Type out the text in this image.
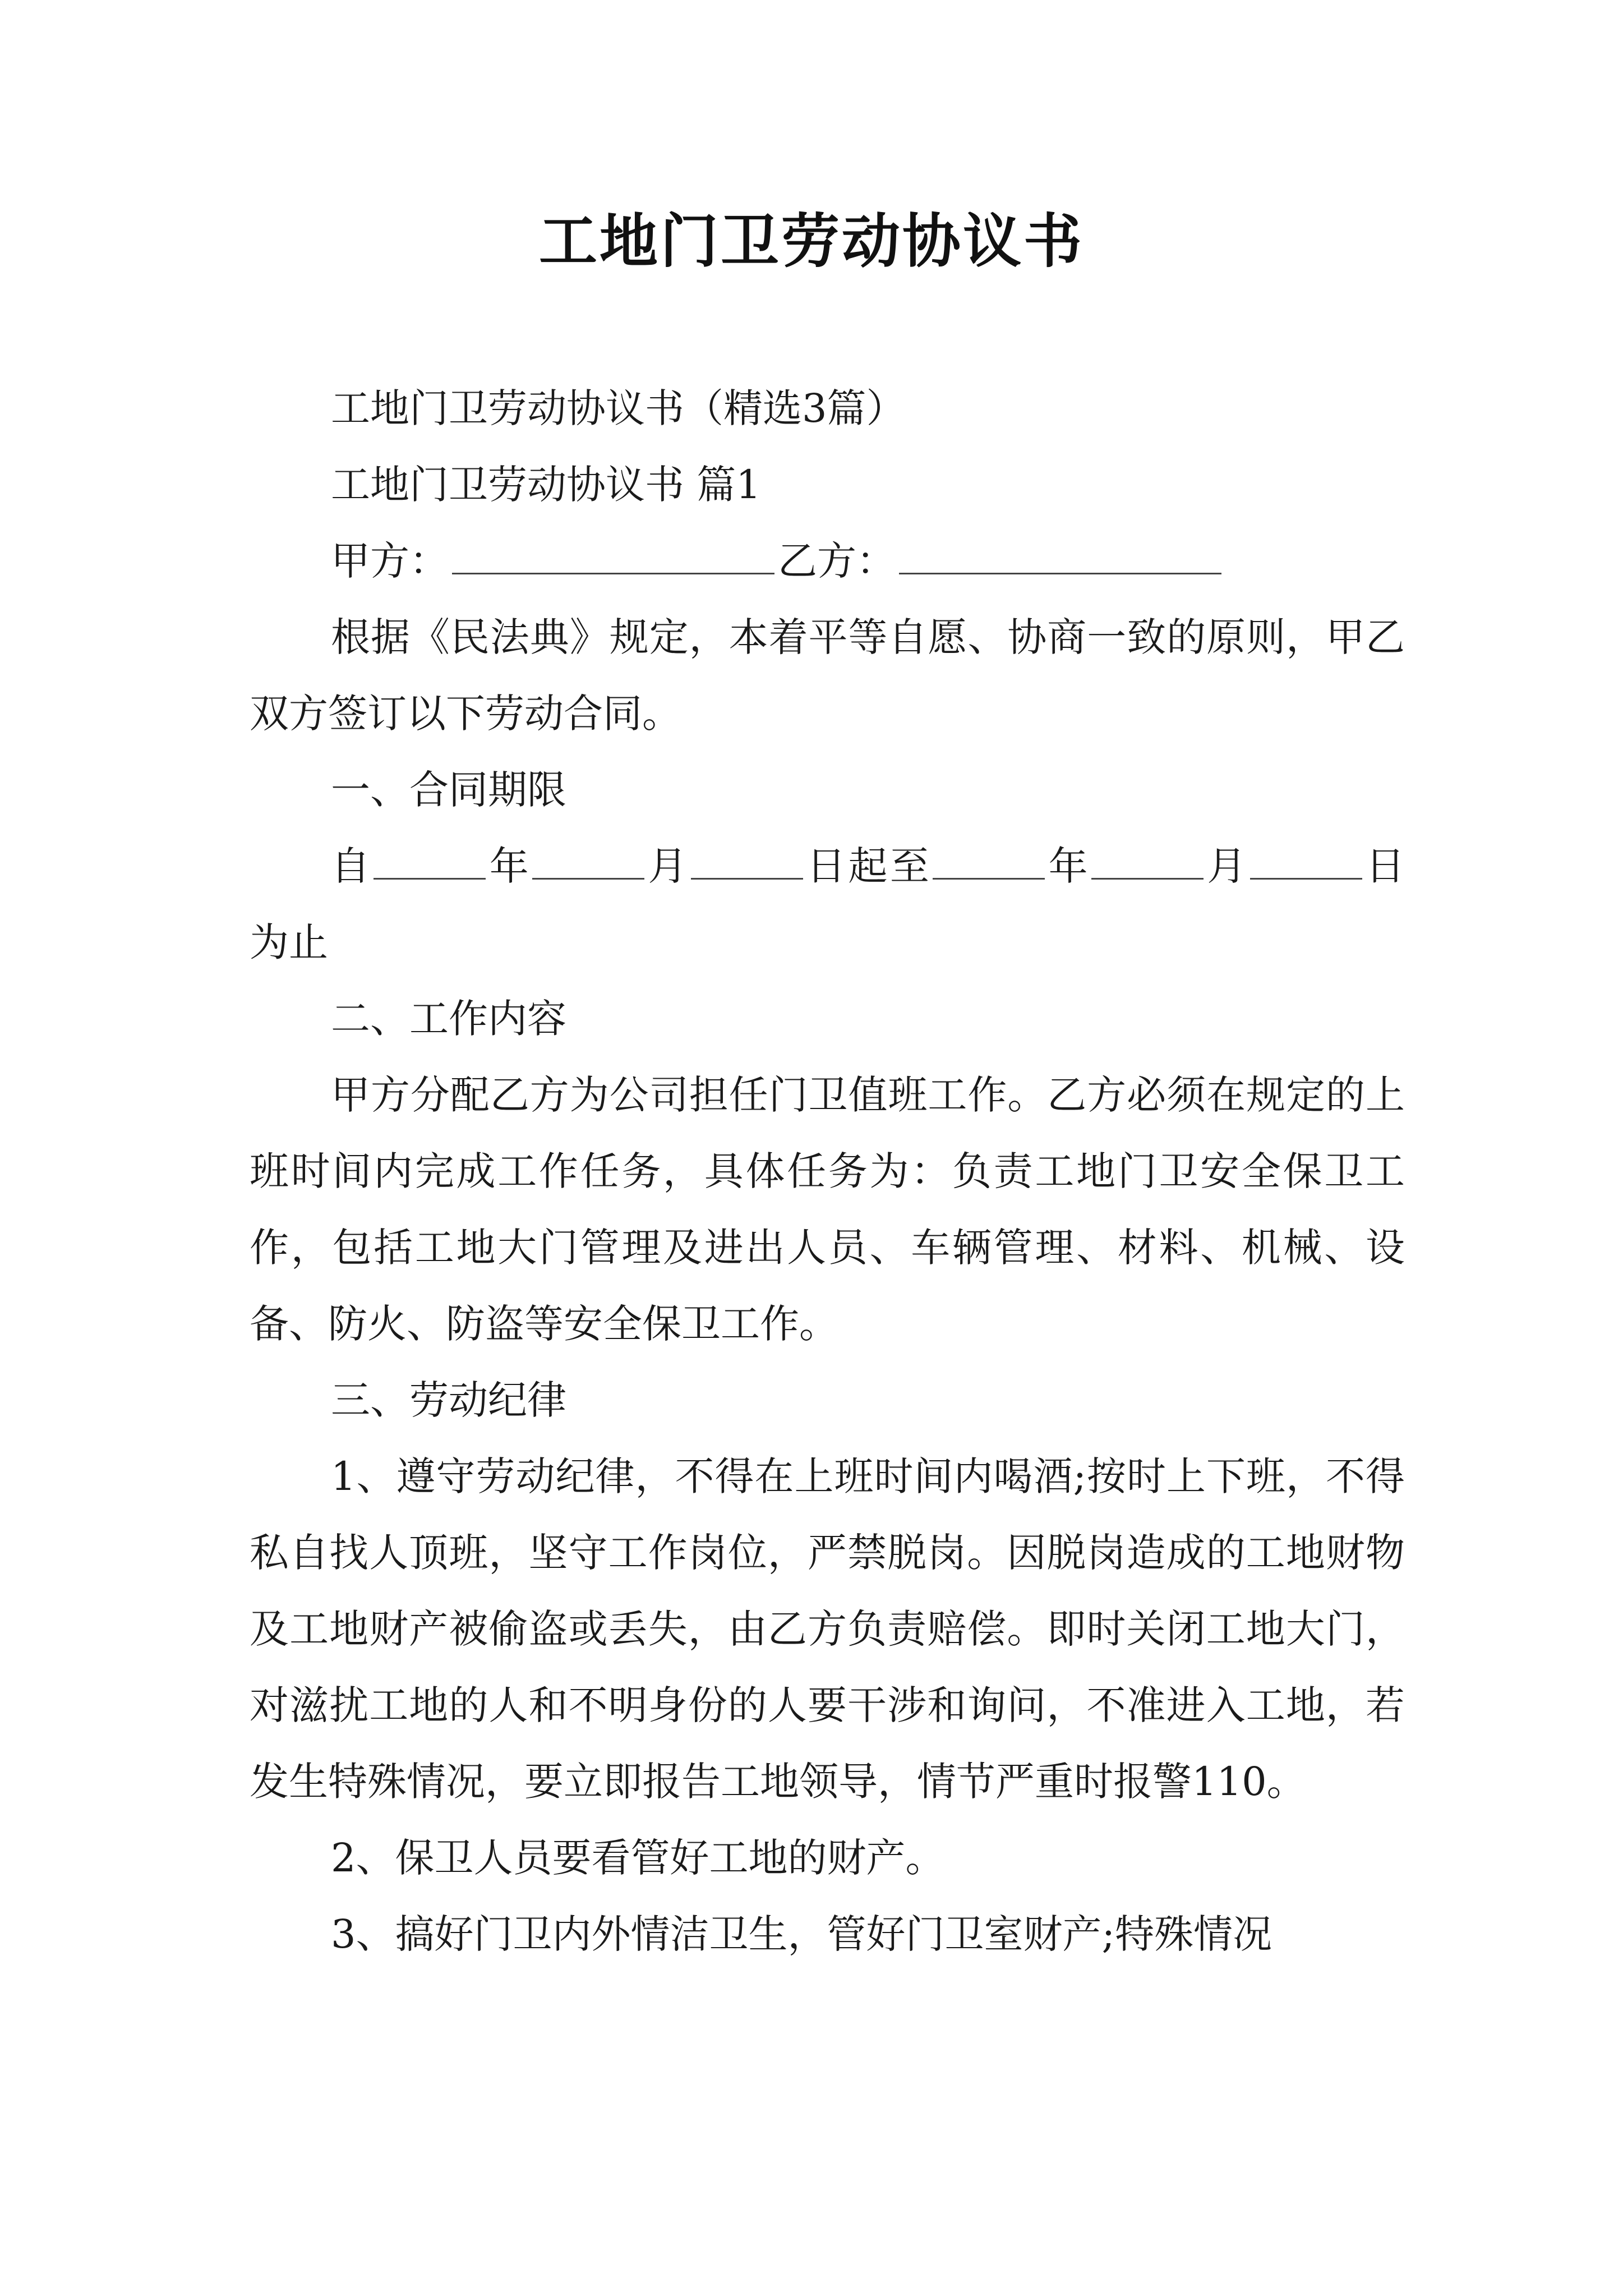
工地门卫劳动协议书

工地门卫劳动协议书（精选3篇）

工地门卫劳动协议书 篇1

甲方：	乙方：

根据《民法典》规定，本着平等自愿、协商一致的原则，甲乙双方签订以下劳动合同。

一、合同期限

自	年	月	日起至	年	月	日为止

二、工作内容

甲方分配乙方为公司担任门卫值班工作。乙方必须在规定的上班时间内完成工作任务，具体任务为：负责工地门卫安全保卫工作，包括工地大门管理及进出人员、车辆管理、材料、机械、设备、防火、防盗等安全保卫工作。

三、劳动纪律

1、遵守劳动纪律，不得在上班时间内喝酒;按时上下班，不得私自找人顶班，坚守工作岗位，严禁脱岗。因脱岗造成的工地财物及工地财产被偷盗或丢失，由乙方负责赔偿。即时关闭工地大门，对滋扰工地的人和不明身份的人要干涉和询问，不准进入工地，若发生特殊情况，要立即报告工地领导，情节严重时报警110。

2、保卫人员要看管好工地的财产。

3、搞好门卫内外情洁卫生，管好门卫室财产;特殊情况
